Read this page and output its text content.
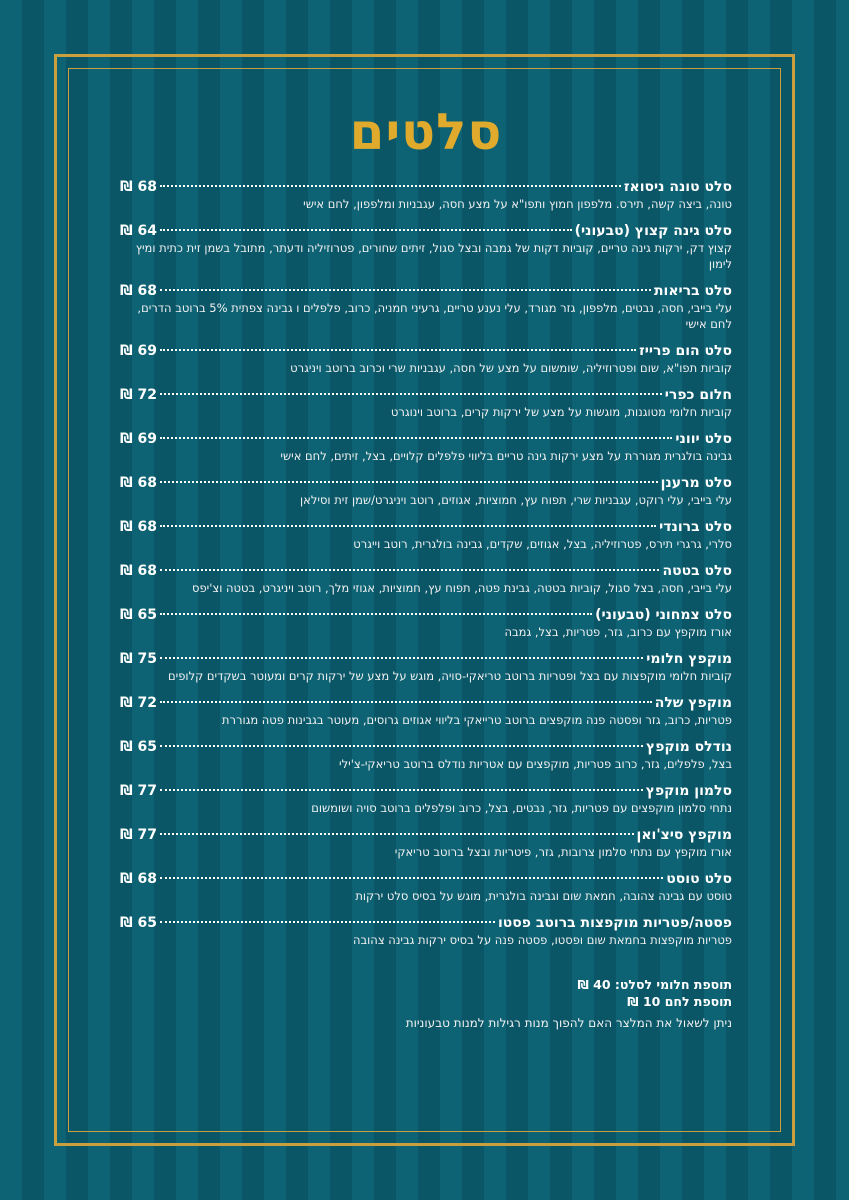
סלטים
סלט טונה ניסואז
68 ₪
טונה, ביצה קשה, תירס. מלפפון חמוץ ותפו"א על מצע חסה, עגבניות ומלפפון, לחם אישי
סלט גינה קצוץ (טבעוני)
64 ₪
קצוץ דק, ירקות גינה טריים, קוביות דקות של גמבה ובצל סגול, זיתים שחורים, פטרוזיליה ודעתר, מתובל בשמן זית כתית ומיץ לימון
סלט בריאות
68 ₪
עלי בייבי, חסה, נבטים, מלפפון, גזר מגורד, עלי נענע טריים, גרעיני חמניה, כרוב, פלפלים ו גבינה צפתית 5% ברוטב הדרים, לחם אישי
סלט הום פרייז
69 ₪
קוביות תפו"א, שום ופטרוזיליה, שומשום על מצע של חסה, עגבניות שרי וכרוב ברוטב ויניגרט
חלום כפרי
72 ₪
קוביות חלומי מטוגנות, מוגשות על מצע של ירקות קרים, ברוטב וינוגרט
סלט יווני
69 ₪
גבינה בולגרית מגוררת על מצע ירקות גינה טריים בליווי פלפלים קלויים, בצל, זיתים, לחם אישי
סלט מרענן
68 ₪
עלי בייבי, עלי רוקט, עגבניות שרי, תפוח עץ, חמוציות, אגוזים, רוטב ויניגרט/שמן זית וסילאן
סלט ברונדי
68 ₪
סלרי, גרגרי תירס, פטרוזיליה, בצל, אגוזים, שקדים, גבינה בולגרית, רוטב וייגרט
סלט בטטה
68 ₪
עלי בייבי, חסה, בצל סגול, קוביות בטטה, גבינת פטה, תפוח עץ, חמוציות, אגוזי מלך, רוטב ויניגרט, בטטה וצ'יפס
סלט צמחוני (טבעוני)
65 ₪
אורז מוקפץ עם כרוב, גזר, פטריות, בצל, גמבה
מוקפץ חלומי
75 ₪
קוביות חלומי מוקפצות עם בצל ופטריות ברוטב טריאקי-סויה, מוגש על מצע של ירקות קרים ומעוטר בשקדים קלופים
מוקפץ שלה
72 ₪
פטריות, כרוב, גזר ופסטה פנה מוקפצים ברוטב טרייאקי בליווי אגוזים גרוסים, מעוטר בגבינות פטה מגוררת
נודלס מוקפץ
65 ₪
בצל, פלפלים, גזר, כרוב פטריות, מוקפצים עם אטריות נודלס ברוטב טריאקי-צ'ילי
סלמון מוקפץ
77 ₪
נתחי סלמון מוקפצים עם פטריות, גזר, נבטים, בצל, כרוב ופלפלים ברוטב סויה ושומשום
מוקפץ סיצ'ואן
77 ₪
אורז מוקפץ עם נתחי סלמון צרובות, גזר, פיטריות ובצל ברוטב טריאקי
סלט טוסט
68 ₪
טוסט עם גבינה צהובה, חמאת שום וגבינה בולגרית, מוגש על בסיס סלט ירקות
פסטה/פטריות מוקפצות ברוטב פסטו
65 ₪
פטריות מוקפצות בחמאת שום ופסטו, פסטה פנה על בסיס ירקות גבינה צהובה
תוספת חלומי לסלט: 40 ₪
תוספת לחם 10 ₪
ניתן לשאול את המלצר האם להפוך מנות רגילות למנות טבעוניות
